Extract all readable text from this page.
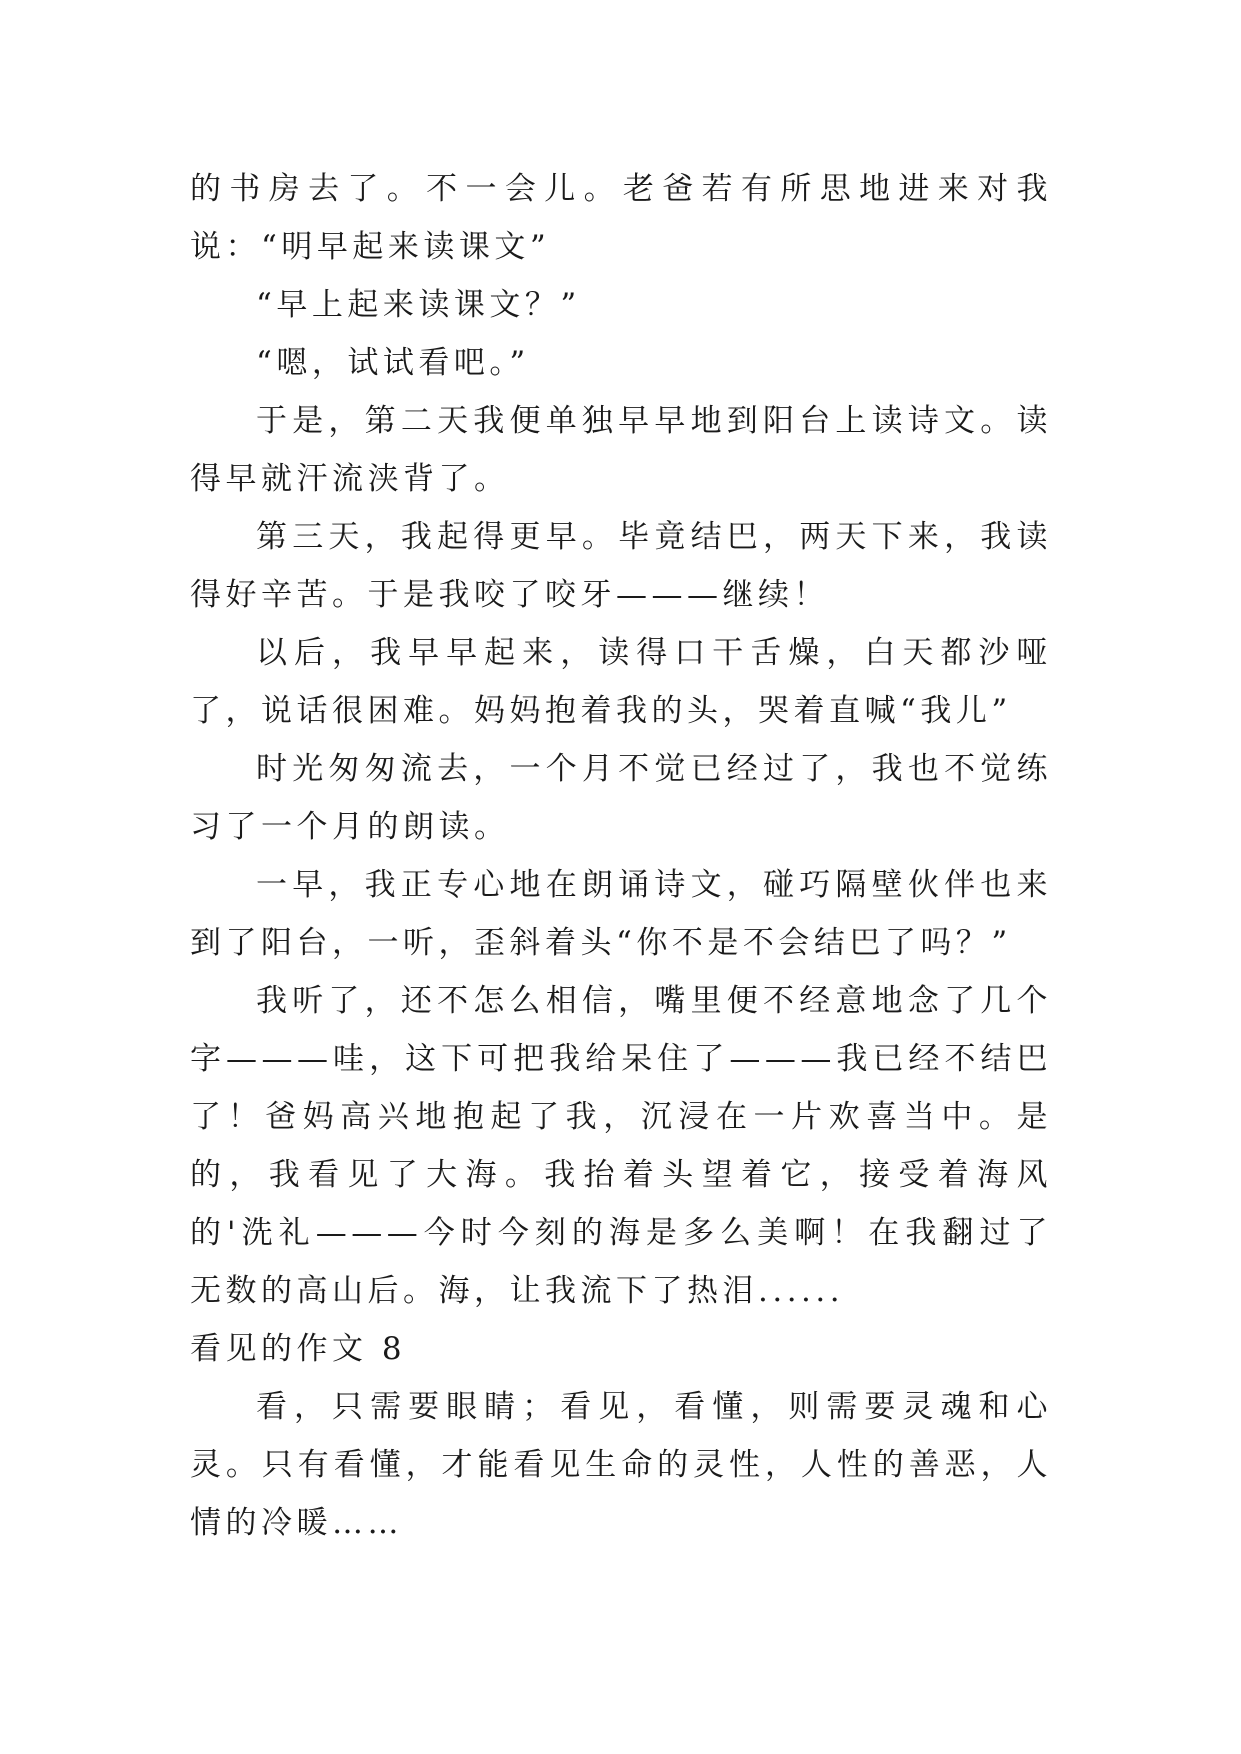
的书房去了。不一会儿。老爸若有所思地进来对我说：“明早起来读课文”

“早上起来读课文？”

“嗯，试试看吧。”

于是，第二天我便单独早早地到阳台上读诗文。读得早就汗流浃背了。

第三天，我起得更早。毕竟结巴，两天下来，我读得好辛苦。于是我咬了咬牙———继续！

以后，我早早起来，读得口干舌燥，白天都沙哑了，说话很困难。妈妈抱着我的头，哭着直喊“我儿”

时光匆匆流去，一个月不觉已经过了，我也不觉练习了一个月的朗读。

一早，我正专心地在朗诵诗文，碰巧隔壁伙伴也来到了阳台，一听，歪斜着头“你不是不会结巴了吗？”

我听了，还不怎么相信，嘴里便不经意地念了几个字———哇，这下可把我给呆住了———我已经不结巴了！爸妈高兴地抱起了我，沉浸在一片欢喜当中。是的，我看见了大海。我抬着头望着它，接受着海风的'洗礼———今时今刻的海是多么美啊！在我翻过了无数的高山后。海，让我流下了热泪......

看见的作文 8

看，只需要眼睛；看见，看懂，则需要灵魂和心灵。只有看懂，才能看见生命的灵性，人性的善恶，人情的冷暖……
